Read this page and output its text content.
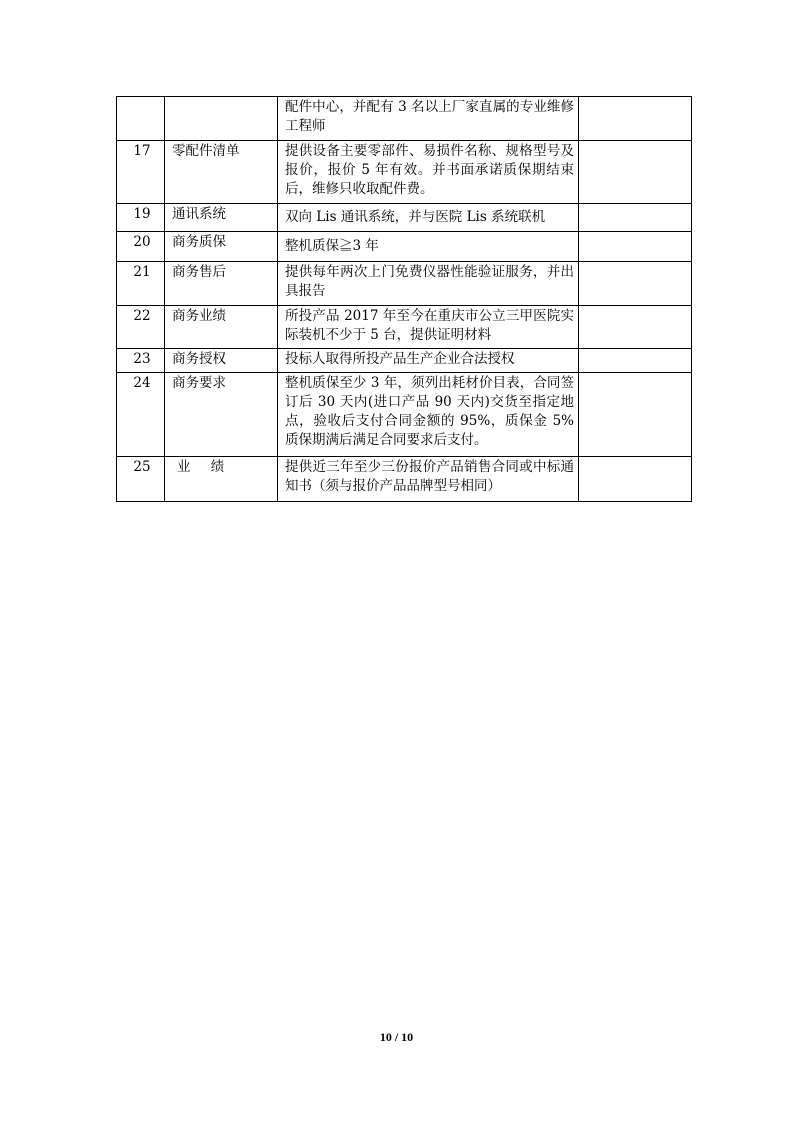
		配件中心，并配有 3 名以上厂家直属的专业维修工程师	
17	零配件清单	提供设备主要零部件、易损件名称、规格型号及报价，报价 5 年有效。并书面承诺质保期结束后，维修只收取配件费。	
19	通讯系统	双向 Lis 通讯系统，并与医院 Lis 系统联机	
20	商务质保	整机质保≧3 年	
21	商务售后	提供每年两次上门免费仪器性能验证服务，并出具报告	
22	商务业绩	所投产品 2017 年至今在重庆市公立三甲医院实际装机不少于 5 台，提供证明材料	
23	商务授权	投标人取得所投产品生产企业合法授权	
24	商务要求	整机质保至少 3 年，须列出耗材价目表，合同签订后 30 天内(进口产品 90 天内)交货至指定地点，验收后支付合同金额的 95%，质保金 5%质保期满后满足合同要求后支付。	
25	业绩	提供近三年至少三份报价产品销售合同或中标通知书（须与报价产品品牌型号相同）	
10 / 10
